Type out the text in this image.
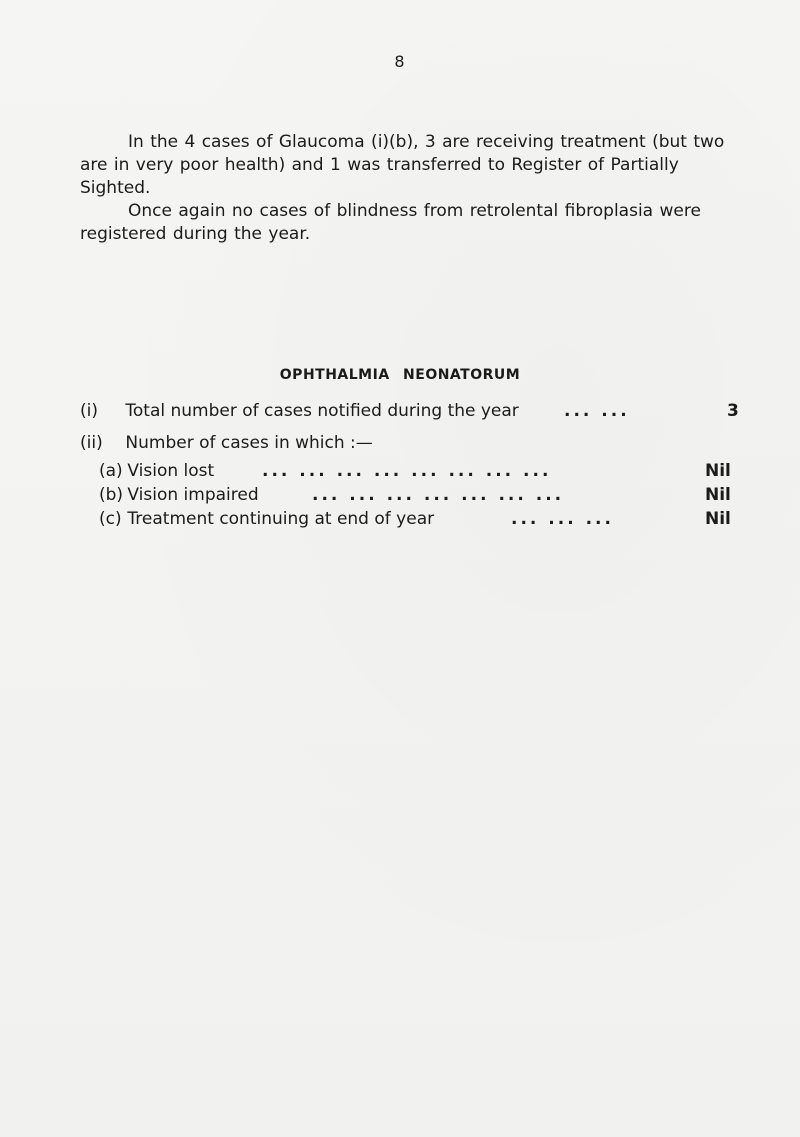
8

In the 4 cases of Glaucoma (i)(b), 3 are receiving treatment (but two are in very poor health) and 1 was transferred to Register of Partially Sighted.

Once again no cases of blindness from retrolental fibroplasia were registered during the year.

OPHTHALMIA NEONATORUM
(i) Total number of cases notified during the year	... ...	3
(ii) Number of cases in which :—
(a) Vision lost	... ... ... ... ... ... ... ...	Nil
(b) Vision impaired	... ... ... ... ... ... ...	Nil
(c) Treatment continuing at end of year	... ... ...	Nil
